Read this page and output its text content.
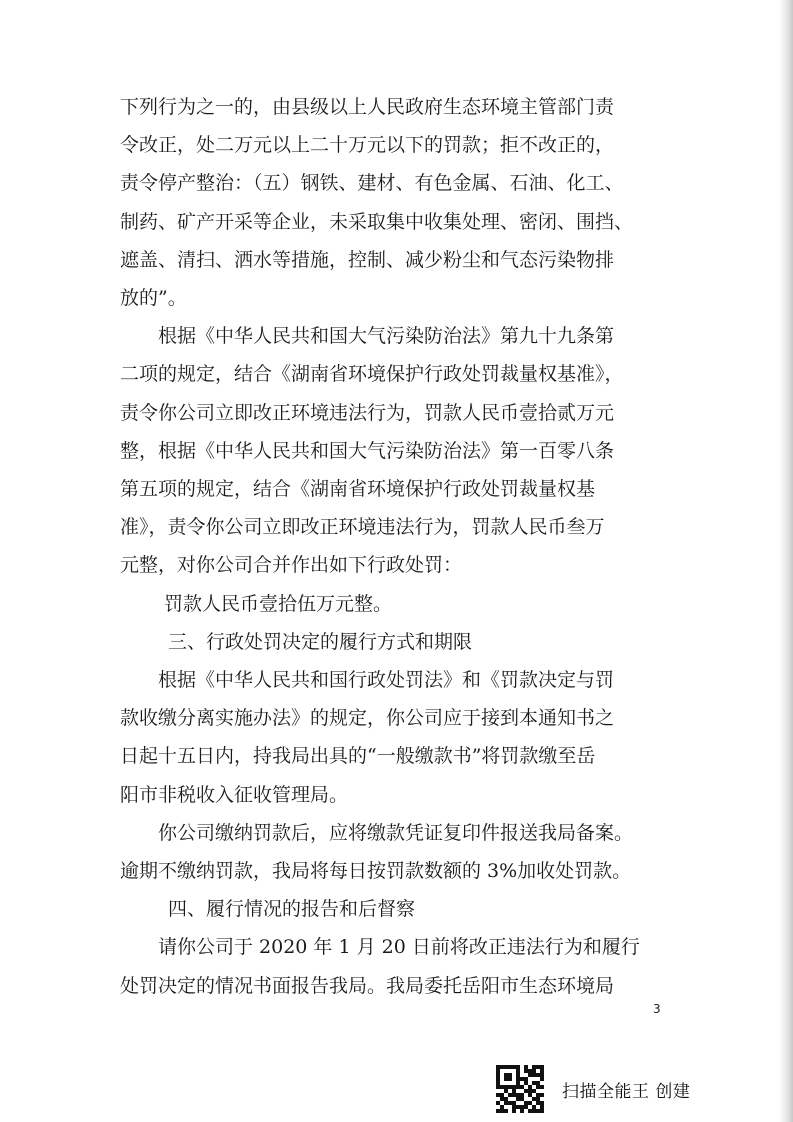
下列行为之一的，由县级以上人民政府生态环境主管部门责
令改正，处二万元以上二十万元以下的罚款；拒不改正的，
责令停产整治：（五）钢铁、建材、有色金属、石油、化工、
制药、矿产开采等企业，未采取集中收集处理、密闭、围挡、
遮盖、清扫、洒水等措施，控制、减少粉尘和气态污染物排
放的”。
根据《中华人民共和国大气污染防治法》第九十九条第
二项的规定，结合《湖南省环境保护行政处罚裁量权基准》，
责令你公司立即改正环境违法行为，罚款人民币壹拾贰万元
整，根据《中华人民共和国大气污染防治法》第一百零八条
第五项的规定，结合《湖南省环境保护行政处罚裁量权基
准》，责令你公司立即改正环境违法行为，罚款人民币叁万
元整，对你公司合并作出如下行政处罚：
罚款人民币壹拾伍万元整。
三、行政处罚决定的履行方式和期限
根据《中华人民共和国行政处罚法》和《罚款决定与罚
款收缴分离实施办法》的规定，你公司应于接到本通知书之
日起十五日内，持我局出具的“一般缴款书”将罚款缴至岳
阳市非税收入征收管理局。
你公司缴纳罚款后，应将缴款凭证复印件报送我局备案。
逾期不缴纳罚款，我局将每日按罚款数额的 3%加收处罚款。
四、履行情况的报告和后督察
请你公司于 2020 年 1 月 20 日前将改正违法行为和履行
处罚决定的情况书面报告我局。我局委托岳阳市生态环境局
3
扫描全能王 创建
